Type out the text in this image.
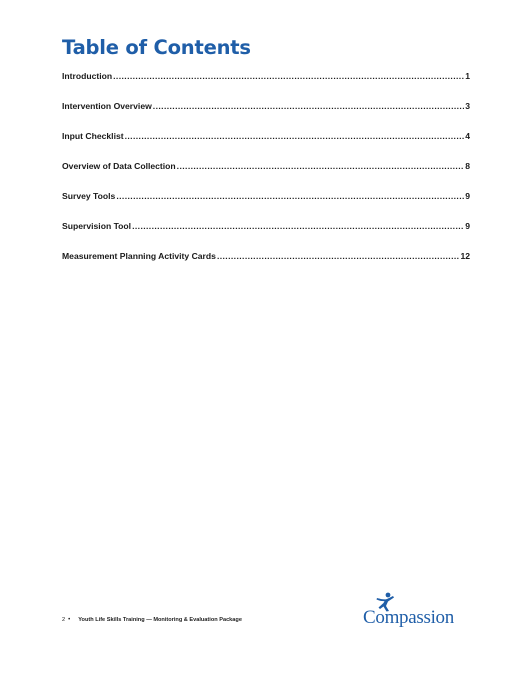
Table of Contents
Introduction .....	1
Intervention Overview .....	3
Input Checklist .....	4
Overview of Data Collection .....	8
Survey Tools .....	9
Supervision Tool .....	9
Measurement Planning Activity Cards .....	12
2 • Youth Life Skills Training — Monitoring & Evaluation Package	Compassion
